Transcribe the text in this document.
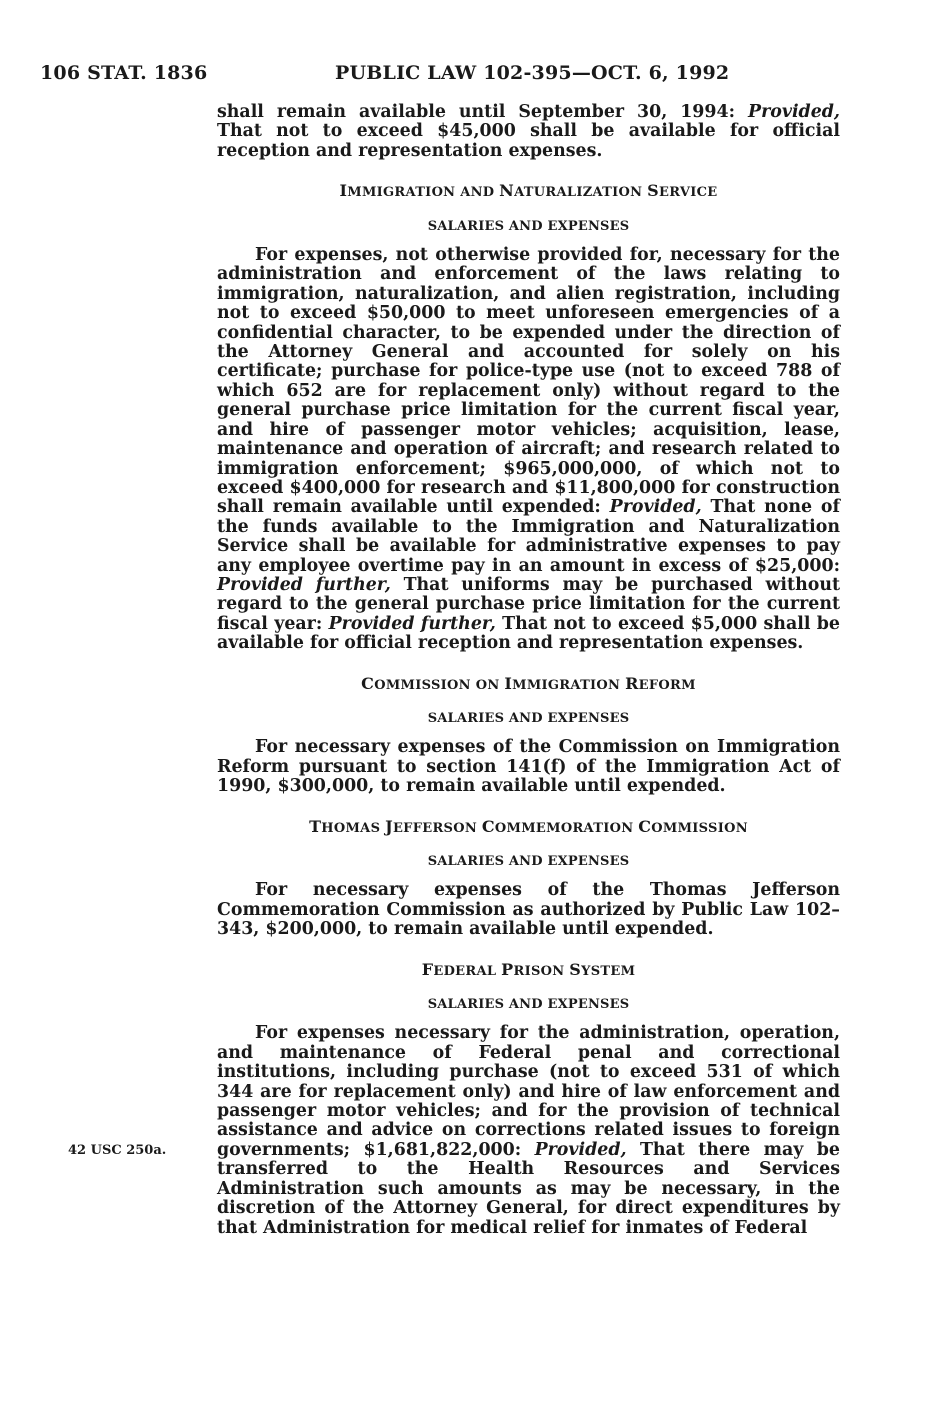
106 STAT. 1836	PUBLIC LAW 102-395—OCT. 6, 1992
42 USC 250a.

shall remain available until September 30, 1994: Provided, That not to exceed $45,000 shall be available for official reception and representation expenses.

IMMIGRATION AND NATURALIZATION SERVICE
SALARIES AND EXPENSES

For expenses, not otherwise provided for, necessary for the administration and enforcement of the laws relating to immigration, naturalization, and alien registration, including not to exceed $50,000 to meet unforeseen emergencies of a confidential character, to be expended under the direction of the Attorney General and accounted for solely on his certificate; purchase for police-type use (not to exceed 788 of which 652 are for replacement only) without regard to the general purchase price limitation for the current fiscal year, and hire of passenger motor vehicles; acquisition, lease, maintenance and operation of aircraft; and research related to immigration enforcement; $965,000,000, of which not to exceed $400,000 for research and $11,800,000 for construction shall remain available until expended: Provided, That none of the funds available to the Immigration and Naturalization Service shall be available for administrative expenses to pay any employee overtime pay in an amount in excess of $25,000: Provided further, That uniforms may be purchased without regard to the general purchase price limitation for the current fiscal year: Provided further, That not to exceed $5,000 shall be available for official reception and representation expenses.

COMMISSION ON IMMIGRATION REFORM
SALARIES AND EXPENSES

For necessary expenses of the Commission on Immigration Reform pursuant to section 141(f) of the Immigration Act of 1990, $300,000, to remain available until expended.

THOMAS JEFFERSON COMMEMORATION COMMISSION
SALARIES AND EXPENSES

For necessary expenses of the Thomas Jefferson Commemoration Commission as authorized by Public Law 102–343, $200,000, to remain available until expended.

FEDERAL PRISON SYSTEM
SALARIES AND EXPENSES

For expenses necessary for the administration, operation, and maintenance of Federal penal and correctional institutions, including purchase (not to exceed 531 of which 344 are for replacement only) and hire of law enforcement and passenger motor vehicles; and for the provision of technical assistance and advice on corrections related issues to foreign governments; $1,681,822,000: Provided, That there may be transferred to the Health Resources and Services Administration such amounts as may be necessary, in the discretion of the Attorney General, for direct expenditures by that Administration for medical relief for inmates of Federal
